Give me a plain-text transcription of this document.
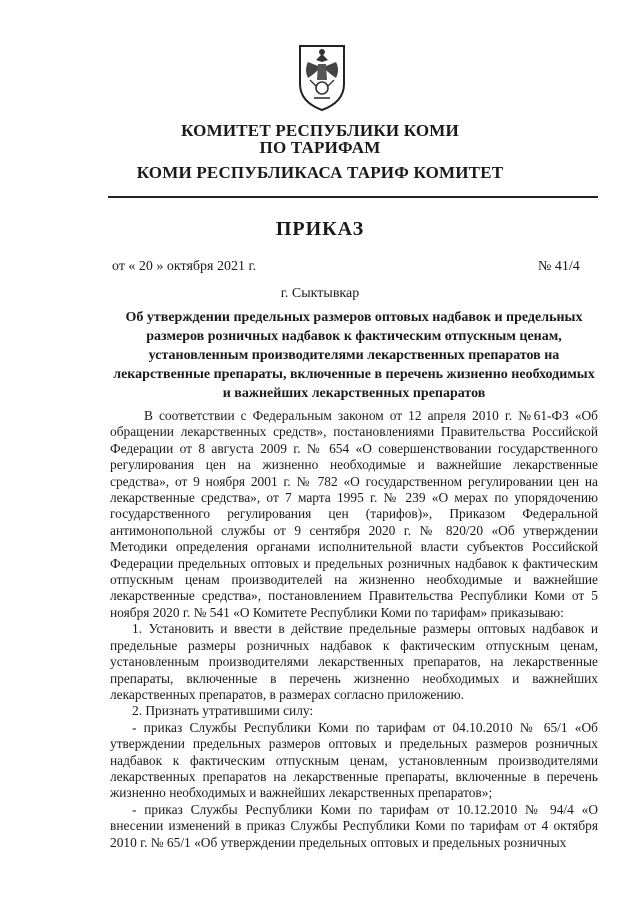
КОМИТЕТ РЕСПУБЛИКИ КОМИ
ПО ТАРИФАМ
КОМИ РЕСПУБЛИКАСА ТАРИФ КОМИТЕТ
ПРИКАЗ
от « 20 » октября 2021 г.	№ 41/4
г. Сыктывкар
Об утверждении предельных размеров оптовых надбавок и предельных размеров розничных надбавок к фактическим отпускным ценам, установленным производителями лекарственных препаратов на лекарственные препараты, включенные в перечень жизненно необходимых и важнейших лекарственных препаратов

В соответствии с Федеральным законом от 12 апреля 2010 г. №61-ФЗ «Об обращении лекарственных средств», постановлениями Правительства Российской Федерации от 8 августа 2009 г. № 654 «О совершенствовании государственного регулирования цен на жизненно необходимые и важнейшие лекарственные средства», от 9 ноября 2001 г. № 782 «О государственном регулировании цен на лекарственные средства», от 7 марта 1995 г. № 239 «О мерах по упорядочению государственного регулирования цен (тарифов)», Приказом Федеральной антимонопольной службы от 9 сентября 2020 г. № 820/20 «Об утверждении Методики определения органами исполнительной власти субъектов Российской Федерации предельных оптовых и предельных розничных надбавок к фактическим отпускным ценам производителей на жизненно необходимые и важнейшие лекарственные средства», постановлением Правительства Республики Коми от 5 ноября 2020 г. № 541 «О Комитете Республики Коми по тарифам» приказываю:

1. Установить и ввести в действие предельные размеры оптовых надбавок и предельные размеры розничных надбавок к фактическим отпускным ценам, установленным производителями лекарственных препаратов, на лекарственные препараты, включенные в перечень жизненно необходимых и важнейших лекарственных препаратов, в размерах согласно приложению.

2. Признать утратившими силу:

- приказ Службы Республики Коми по тарифам от 04.10.2010 № 65/1 «Об утверждении предельных размеров оптовых и предельных размеров розничных надбавок к фактическим отпускным ценам, установленным производителями лекарственных препаратов на лекарственные препараты, включенные в перечень жизненно необходимых и важнейших лекарственных препаратов»;

- приказ Службы Республики Коми по тарифам от 10.12.2010 № 94/4 «О внесении изменений в приказ Службы Республики Коми по тарифам от 4 октября 2010 г. № 65/1 «Об утверждении предельных оптовых и предельных розничных
